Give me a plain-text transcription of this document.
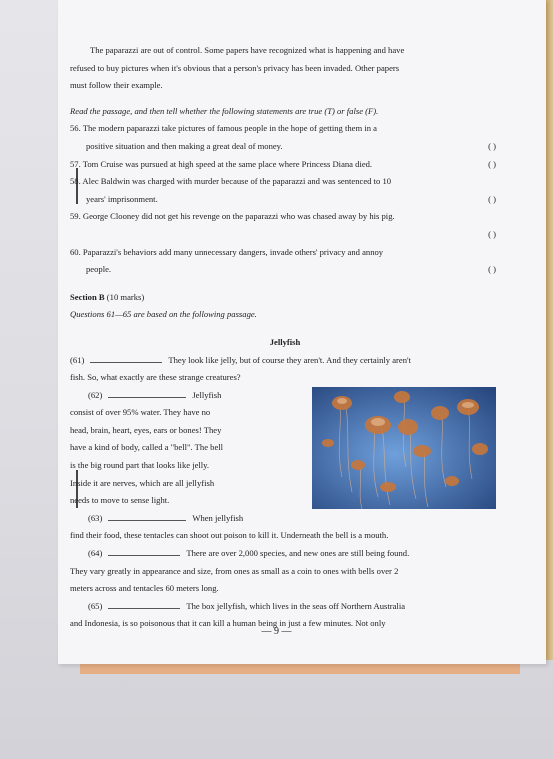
The paparazzi are out of control. Some papers have recognized what is happening and have

refused to buy pictures when it's obvious that a person's privacy has been invaded. Other papers

must follow their example.

Read the passage, and then tell whether the following statements are true (T) or false (F).

56. The modern paparazzi take pictures of famous people in the hope of getting them in a
positive situation and then making a great deal of money.	( )
57. Tom Cruise was pursued at high speed at the same place where Princess Diana died.	( )
58. Alec Baldwin was charged with murder because of the paparazzi and was sentenced to 10
years' imprisonment.	( )
59. George Clooney did not get his revenge on the paparazzi who was chased away by his pig.
( )
60. Paparazzi's behaviors add many unnecessary dangers, invade others' privacy and annoy
people.	( )

Section B (10 marks)

Questions 61—65 are based on the following passage.

Jellyfish

(61)	They look like jelly, but of course they aren't. And they certainly aren't

fish. So, what exactly are these strange creatures?

(62)	Jellyfish

consist of over 95% water. They have no

head, brain, heart, eyes, ears or bones! They

have a kind of body, called a "bell". The bell

is the big round part that looks like jelly.

Inside it are nerves, which are all jellyfish

needs to move to sense light.

(63)	When jellyfish

find their food, these tentacles can shoot out poison to kill it. Underneath the bell is a mouth.

(64)	There are over 2,000 species, and new ones are still being found.

They vary greatly in appearance and size, from ones as small as a coin to ones with bells over 2

meters across and tentacles 60 meters long.

(65)	The box jellyfish, which lives in the seas off Northern Australia

and Indonesia, is so poisonous that it can kill a human being in just a few minutes. Not only

— 9 —
